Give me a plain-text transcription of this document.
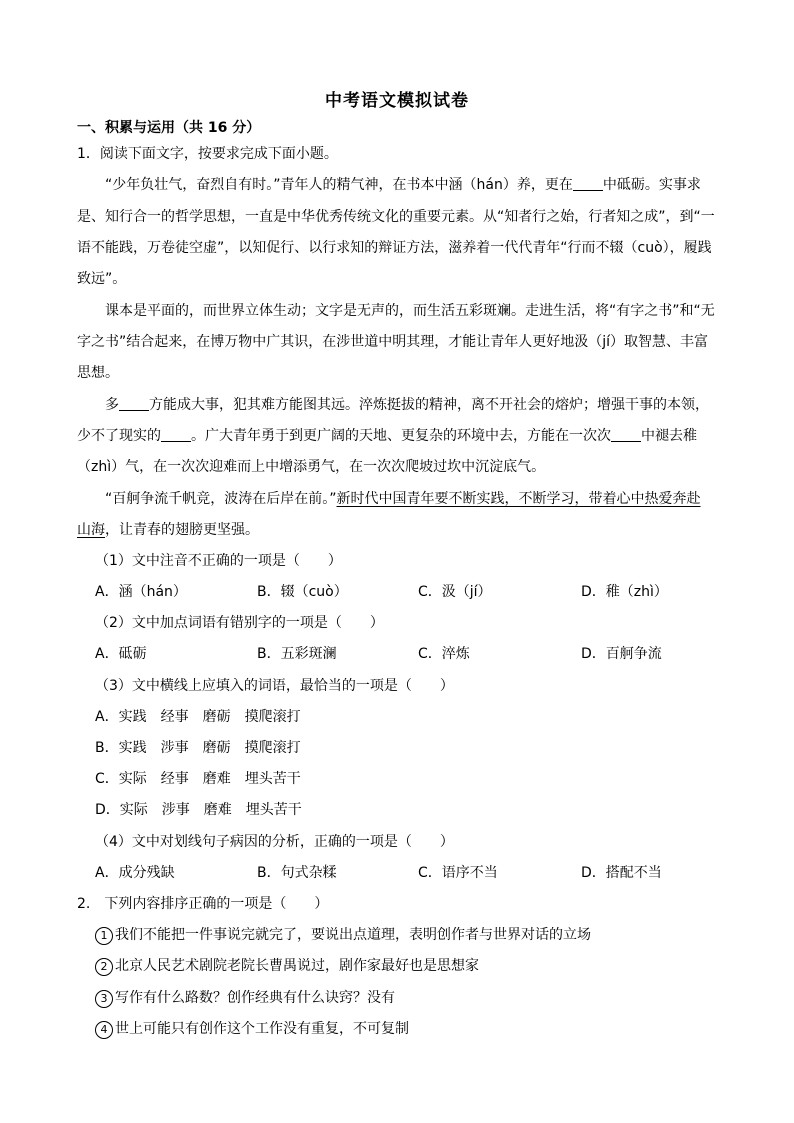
中考语文模拟试卷
一、积累与运用（共 16 分）
1．阅读下面文字，按要求完成下面小题。
“少年负壮气，奋烈自有时。”青年人的精气神，在书本中涵（hán）养，更在 中砥砺。实事求
是、知行合一的哲学思想，一直是中华优秀传统文化的重要元素。从“知者行之始，行者知之成”，到“一
语不能践，万卷徒空虚”，以知促行、以行求知的辩证方法，滋养着一代代青年“行而不辍（cuò），履践
致远”。
课本是平面的，而世界立体生动；文字是无声的，而生活五彩斑斓。走进生活，将“有字之书”和“无
字之书”结合起来，在博万物中广其识，在涉世道中明其理，才能让青年人更好地汲（jí）取智慧、丰富
思想。
多 方能成大事，犯其难方能图其远。淬炼挺拔的精神，离不开社会的熔炉；增强干事的本领，
少不了现实的 。广大青年勇于到更广阔的天地、更复杂的环境中去，方能在一次次 中褪去稚
（zhì）气，在一次次迎难而上中增添勇气，在一次次爬坡过坎中沉淀底气。
“百舸争流千帆竞，波涛在后岸在前。”新时代中国青年要不断实践，不断学习，带着心中热爱奔赴
山海，让青春的翅膀更坚强。
（1）文中注音不正确的一项是（　　）
A．涵（hán）	B．辍（cuò）	C．汲（jí）	D．稚（zhì）
（2）文中加点词语有错别字的一项是（　　）
A．砥砺	B．五彩斑澜	C．淬炼	D．百舸争流
（3）文中横线上应填入的词语，最恰当的一项是（　　）
A．实践　经事　磨砺　摸爬滚打
B．实践　涉事　磨砺　摸爬滚打
C．实际　经事　磨难　埋头苦干
D．实际　涉事　磨难　埋头苦干
（4）文中对划线句子病因的分析，正确的一项是（　　）
A．成分残缺	B．句式杂糅	C．语序不当	D．搭配不当
2.　下列内容排序正确的一项是（　　）
1 我们不能把一件事说完就完了，要说出点道理，表明创作者与世界对话的立场
2 北京人民艺术剧院老院长曹禺说过，剧作家最好也是思想家
3 写作有什么路数？创作经典有什么诀窍？没有
4 世上可能只有创作这个工作没有重复，不可复制
